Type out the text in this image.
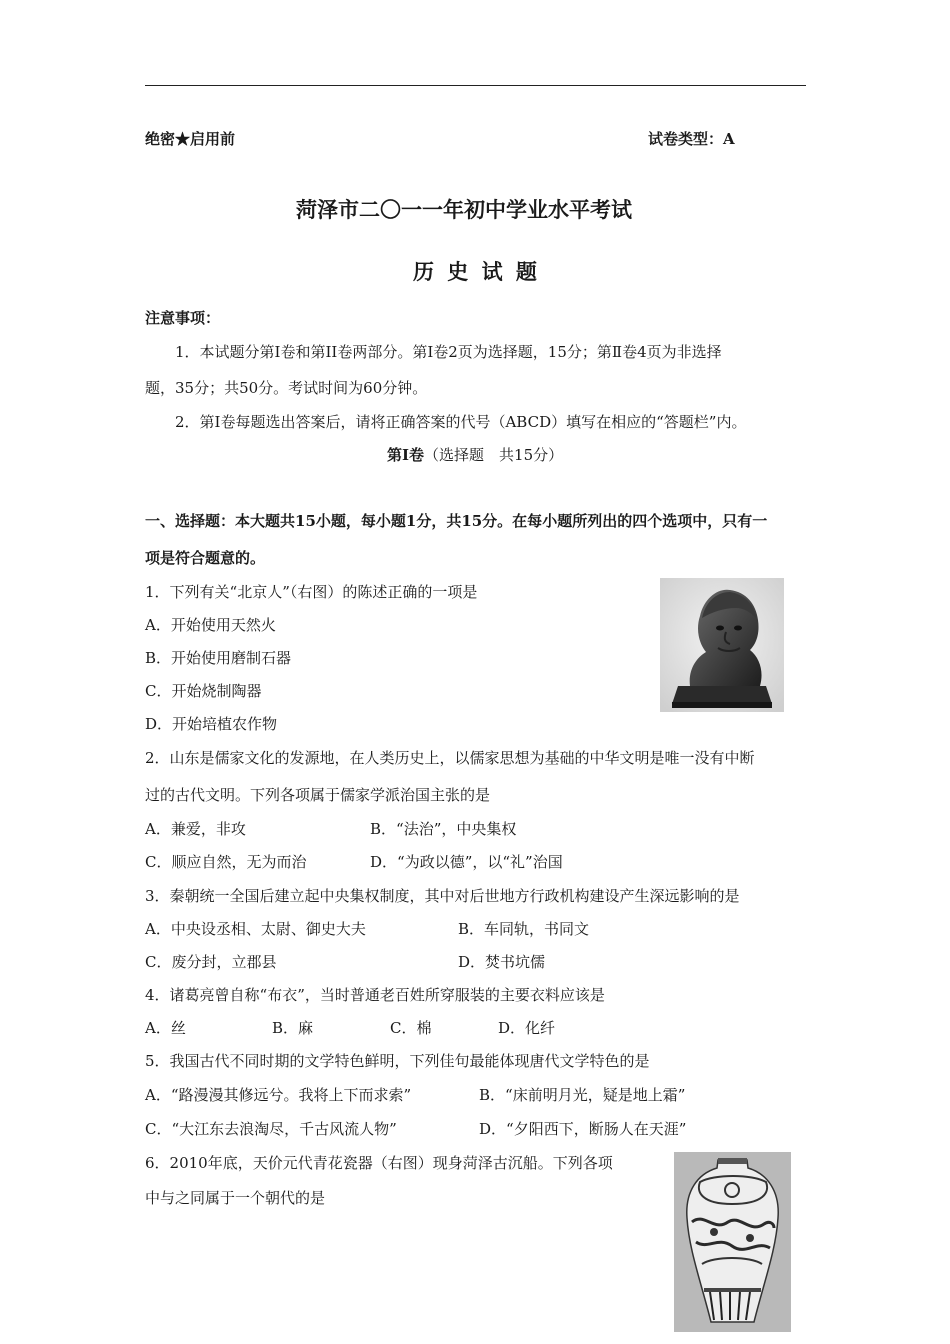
绝密★启用前	试卷类型：A
菏泽市二〇一一年初中学业水平考试
历 史 试 题
注意事项：
1．本试题分第Ⅰ卷和第II卷两部分。第Ⅰ卷2页为选择题，15分；第Ⅱ卷4页为非选择
题，35分；共50分。考试时间为60分钟。
2．第Ⅰ卷每题选出答案后，请将正确答案的代号（ABCD）填写在相应的“答题栏”内。
第Ⅰ卷（选择题　共15分）
一、选择题：本大题共15小题，每小题1分，共15分。在每小题所列出的四个选项中，只有一
项是符合题意的。
1．下列有关“北京人”（右图）的陈述正确的一项是
A．开始使用天然火
B．开始使用磨制石器
C．开始烧制陶器
D．开始培植农作物
2．山东是儒家文化的发源地，在人类历史上，以儒家思想为基础的中华文明是唯一没有中断
过的古代文明。下列各项属于儒家学派治国主张的是
A．兼爱，非攻	B．“法治”，中央集权
C．顺应自然，无为而治	D．“为政以德”，以“礼”治国
3．秦朝统一全国后建立起中央集权制度，其中对后世地方行政机构建设产生深远影响的是
A．中央设丞相、太尉、御史大夫	B．车同轨，书同文
C．废分封，立郡县	D．焚书坑儒
4．诸葛亮曾自称“布衣”，当时普通老百姓所穿服装的主要衣料应该是
A．丝	B．麻	C．棉	D．化纤
5．我国古代不同时期的文学特色鲜明，下列佳句最能体现唐代文学特色的是
A．“路漫漫其修远兮。我将上下而求索”	B．“床前明月光，疑是地上霜”
C．“大江东去浪淘尽，千古风流人物”	D．“夕阳西下，断肠人在天涯”
6．2010年底，天价元代青花瓷器（右图）现身菏泽古沉船。下列各项
中与之同属于一个朝代的是
